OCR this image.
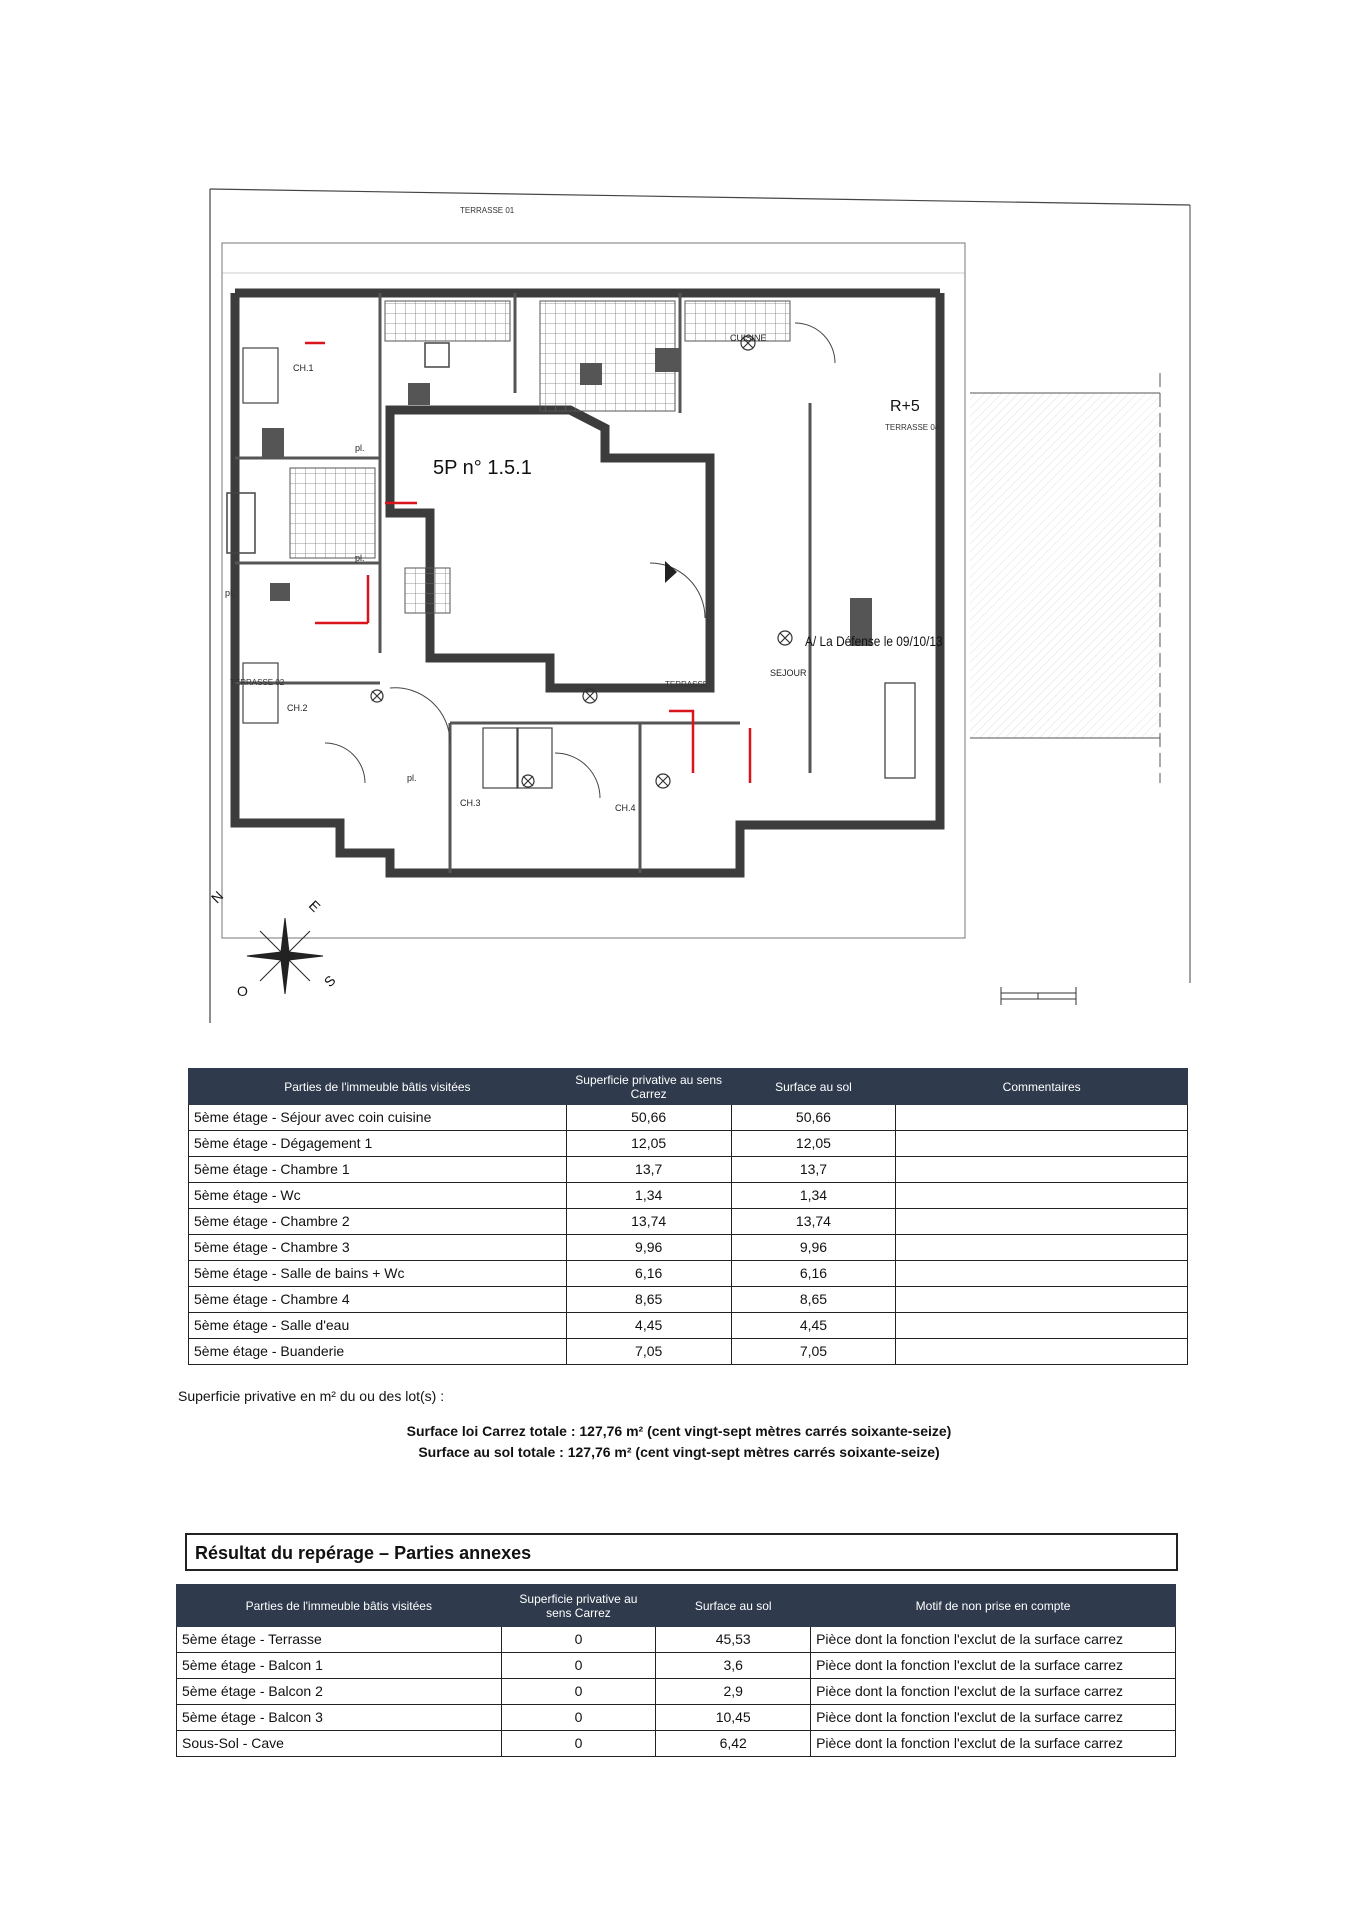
TERRASSE 01
TERRASSE 02	TERRASSE
TERRASSE 04
R+5
5P n° 1.5.1
A/ La Défense le 09/10/13
CH.1
CH.2
CH.3	CH.4
SEJOUR
CUISINE
pl.
pl.
pl.
pl.
N	E
S
O
Parties de l'immeuble bâtis visitées	Superficie privative au sens Carrez	Surface au sol	Commentaires
5ème étage - Séjour avec coin cuisine	50,66	50,66	
5ème étage - Dégagement 1	12,05	12,05	
5ème étage - Chambre 1	13,7	13,7	
5ème étage - Wc	1,34	1,34	
5ème étage - Chambre 2	13,74	13,74	
5ème étage - Chambre 3	9,96	9,96	
5ème étage - Salle de bains + Wc	6,16	6,16	
5ème étage - Chambre 4	8,65	8,65	
5ème étage - Salle d'eau	4,45	4,45	
5ème étage - Buanderie	7,05	7,05	
Superficie privative en m² du ou des lot(s) :
Surface loi Carrez totale : 127,76 m² (cent vingt-sept mètres carrés soixante-seize)
Surface au sol totale : 127,76 m² (cent vingt-sept mètres carrés soixante-seize)
Résultat du repérage – Parties annexes
Parties de l'immeuble bâtis visitées	Superficie privative au sens Carrez	Surface au sol	Motif de non prise en compte
5ème étage - Terrasse	0	45,53	Pièce dont la fonction l'exclut de la surface carrez
5ème étage - Balcon 1	0	3,6	Pièce dont la fonction l'exclut de la surface carrez
5ème étage - Balcon 2	0	2,9	Pièce dont la fonction l'exclut de la surface carrez
5ème étage - Balcon 3	0	10,45	Pièce dont la fonction l'exclut de la surface carrez
Sous-Sol - Cave	0	6,42	Pièce dont la fonction l'exclut de la surface carrez
